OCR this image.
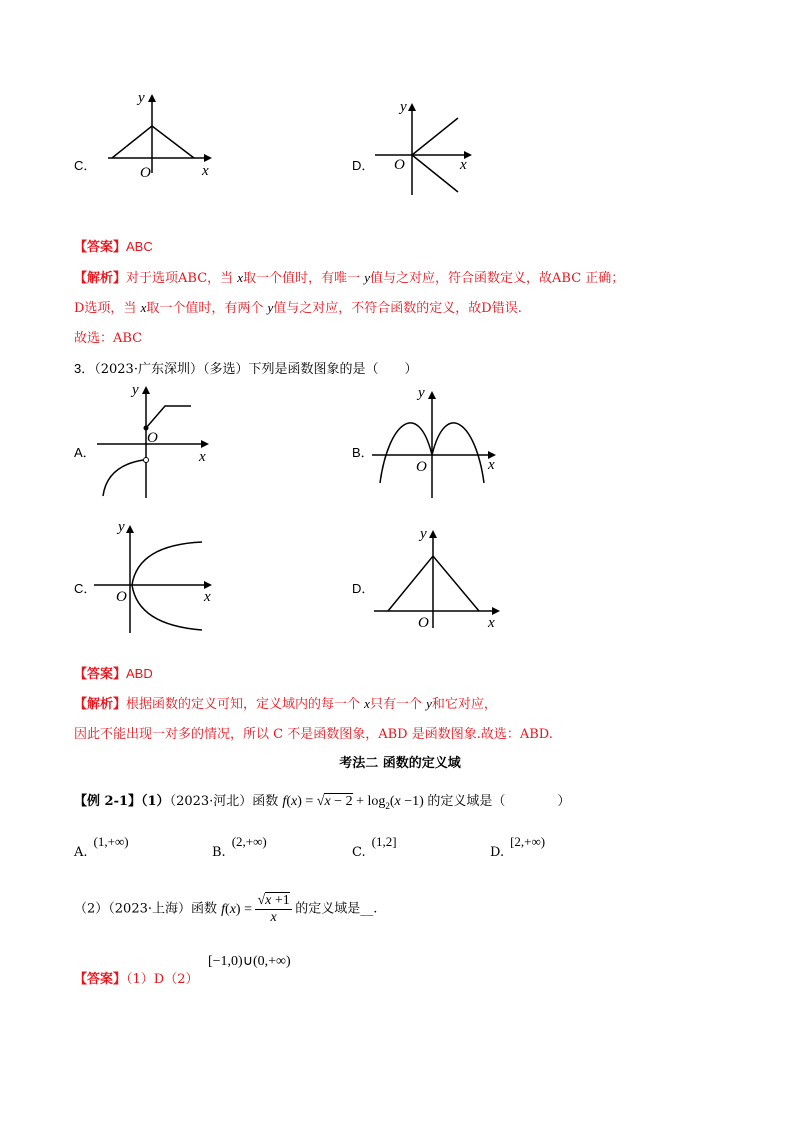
C．
y
O	x	D．
y
O	x
【答案】ABC
【解析】对于选项ABC，当 x取一个值时，有唯一 y值与之对应，符合函数定义，故ABC 正确；
D选项，当 x取一个值时，有两个 y值与之对应，不符合函数的定义，故D错误.
故选：ABC
3．（2023·广东深圳）（多选）下列是函数图象的是（　　）
A．
y
O
x	B．
y
O	x
C．
y
O	x
D．
y
O	x
【答案】ABD
【解析】根据函数的定义可知，定义域内的每一个 x只有一个 y和它对应，
因此不能出现一对多的情况，所以 C 不是函数图象，ABD 是函数图象.故选：ABD.
考法二 函数的定义域
【例 2-1】（1）（2023·河北）函数 $f(x) = √x - 2 + \log_2(x -1)$ 的定义域是（　　　　）
A.(1,+∞)
B.(2,+∞)
C.(1,2]
D.[2,+∞)
（2）（2023·上海）函数 $f(x) = \frac{√x +1}{x}$ 的定义域是__.
【答案】（1）D（2）
[−1,0)∪(0,+∞)
